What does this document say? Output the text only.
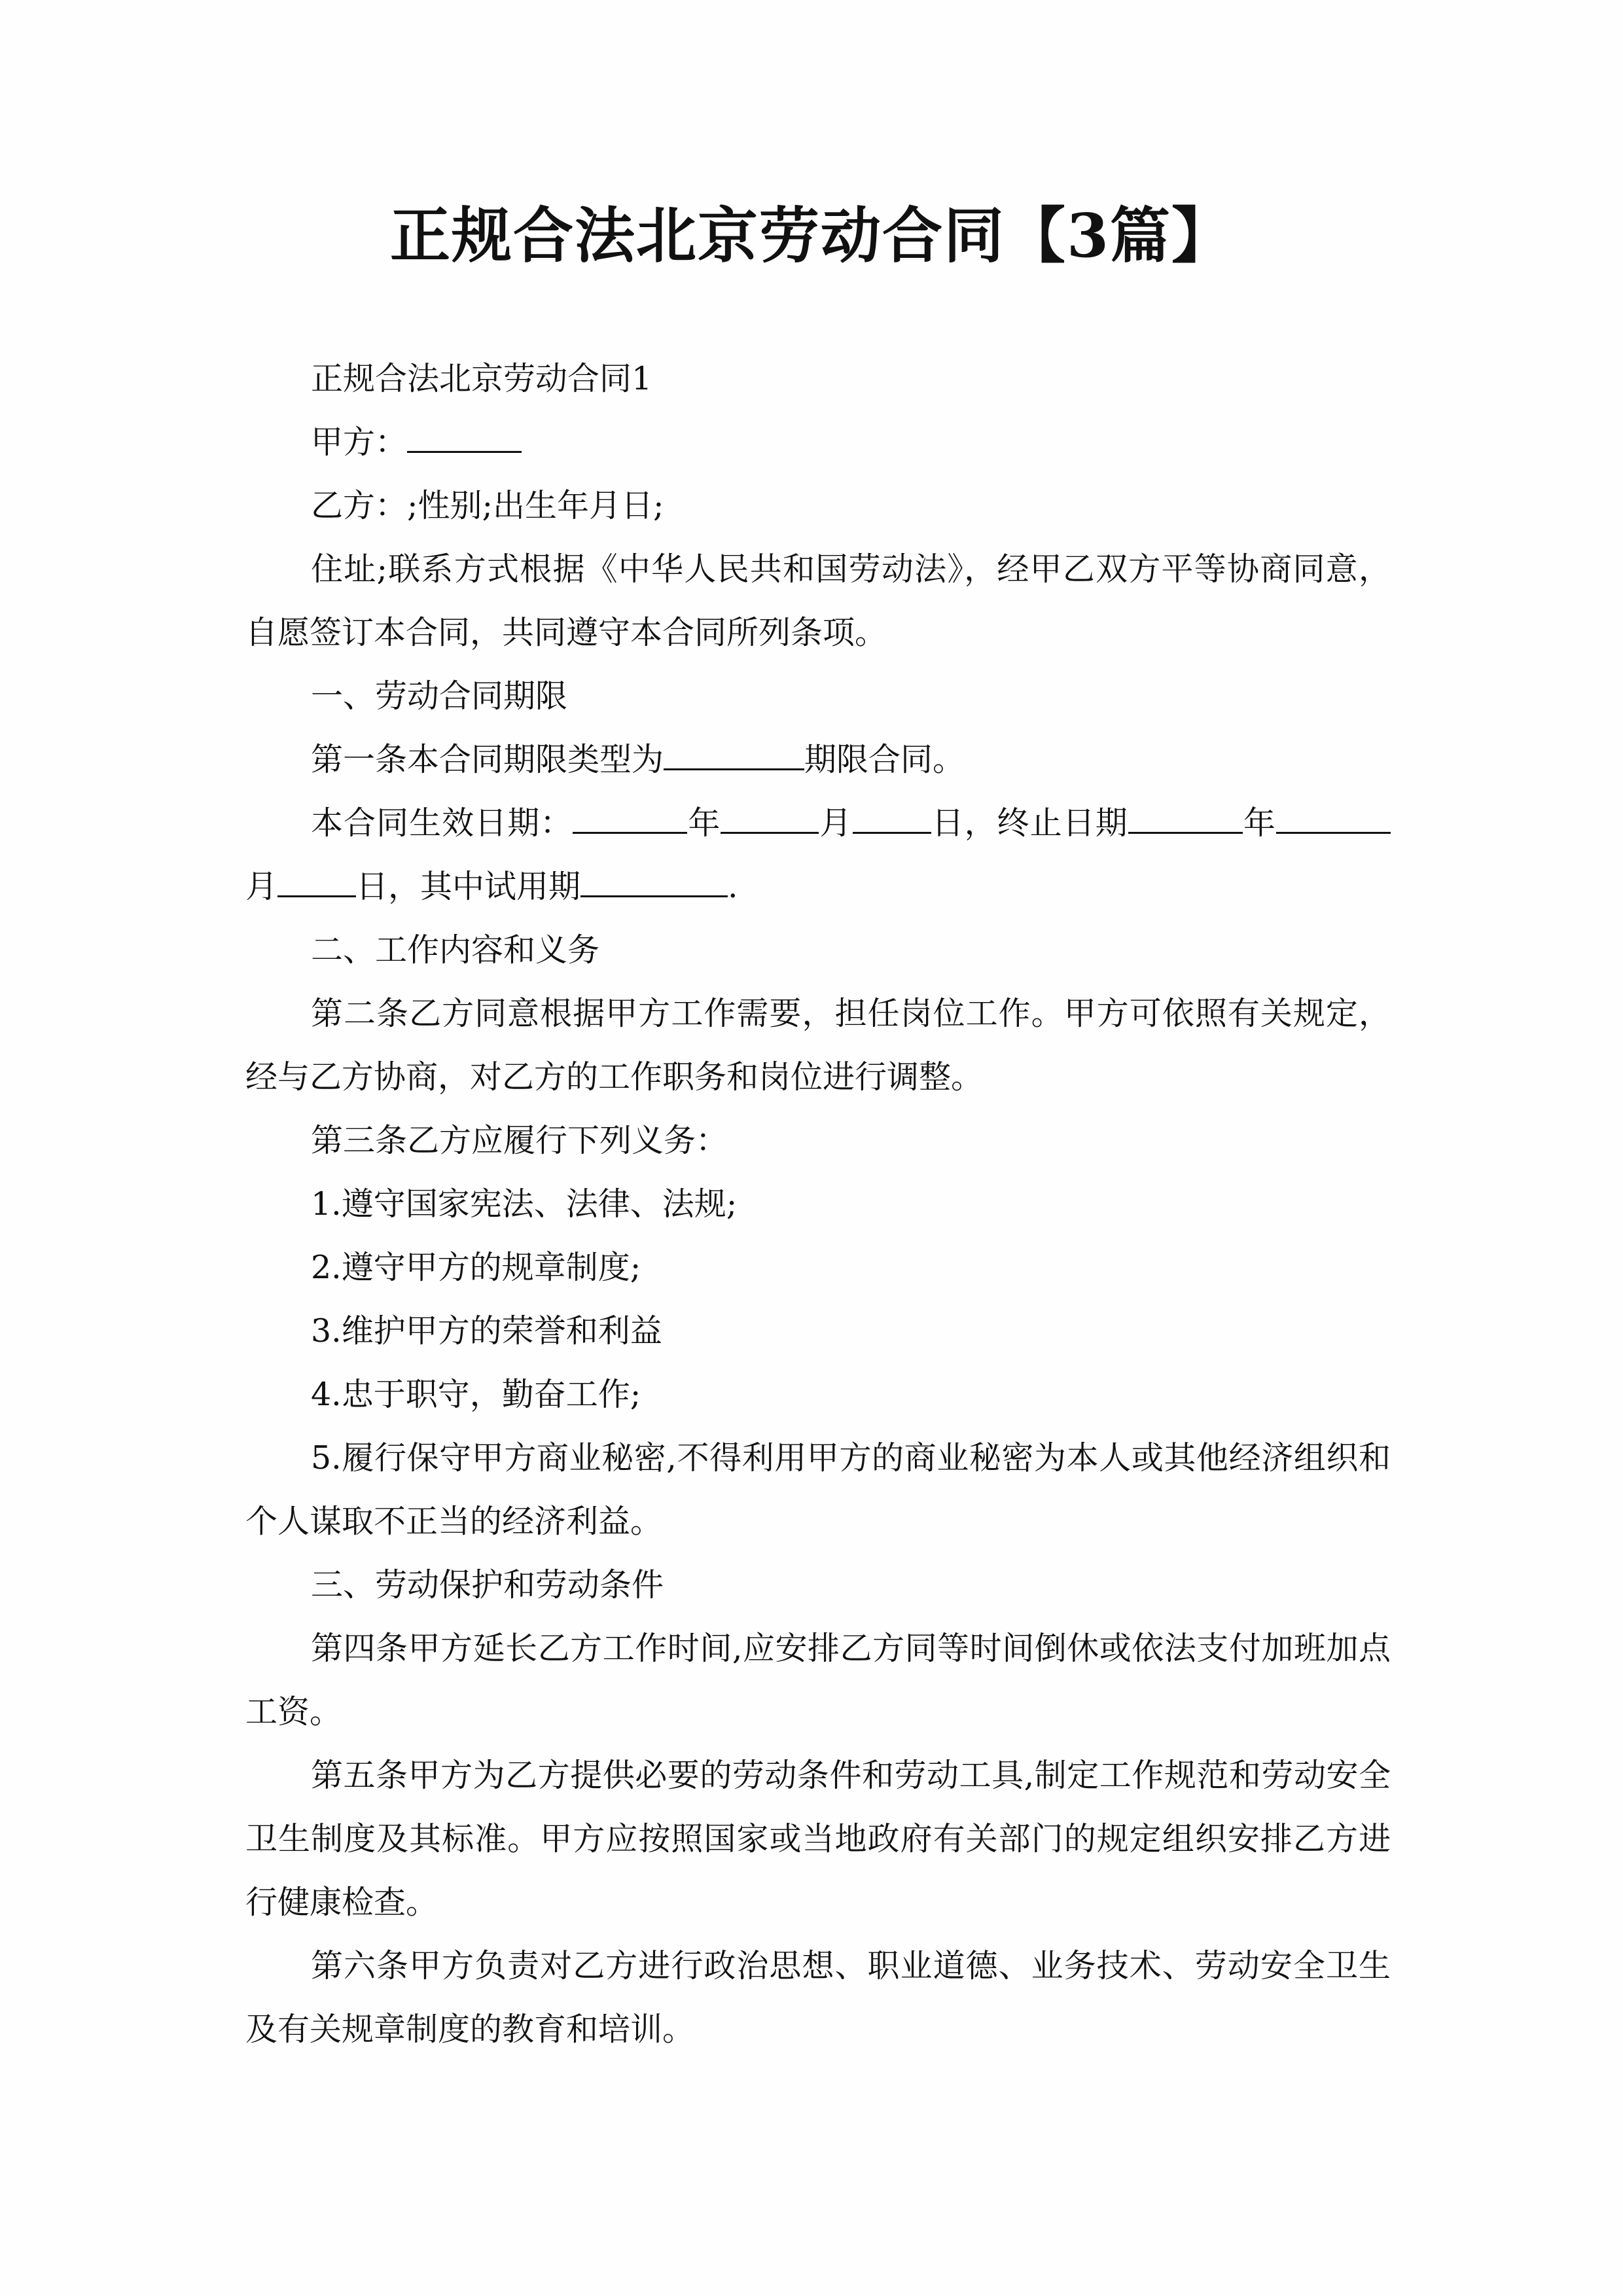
正规合法北京劳动合同【3篇】

正规合法北京劳动合同1

甲方：

乙方：;性别;出生年月日;

住址;联系方式根据《中华人民共和国劳动法》，经甲乙双方平等协商同意，自愿签订本合同，共同遵守本合同所列条项。

一、劳动合同期限

第一条本合同期限类型为	期限合同。

本合同生效日期：	年	月 日，终止日期	年月 日，其中试用期	.

二、工作内容和义务

第二条乙方同意根据甲方工作需要，担任岗位工作。甲方可依照有关规定，经与乙方协商，对乙方的工作职务和岗位进行调整。

第三条乙方应履行下列义务：

1.遵守国家宪法、法律、法规;

2.遵守甲方的规章制度;

3.维护甲方的荣誉和利益

4.忠于职守，勤奋工作;

5.履行保守甲方商业秘密,不得利用甲方的商业秘密为本人或其他经济组织和个人谋取不正当的经济利益。

三、劳动保护和劳动条件

第四条甲方延长乙方工作时间,应安排乙方同等时间倒休或依法支付加班加点工资。

第五条甲方为乙方提供必要的劳动条件和劳动工具,制定工作规范和劳动安全卫生制度及其标准。甲方应按照国家或当地政府有关部门的规定组织安排乙方进行健康检查。

第六条甲方负责对乙方进行政治思想、职业道德、业务技术、劳动安全卫生及有关规章制度的教育和培训。
